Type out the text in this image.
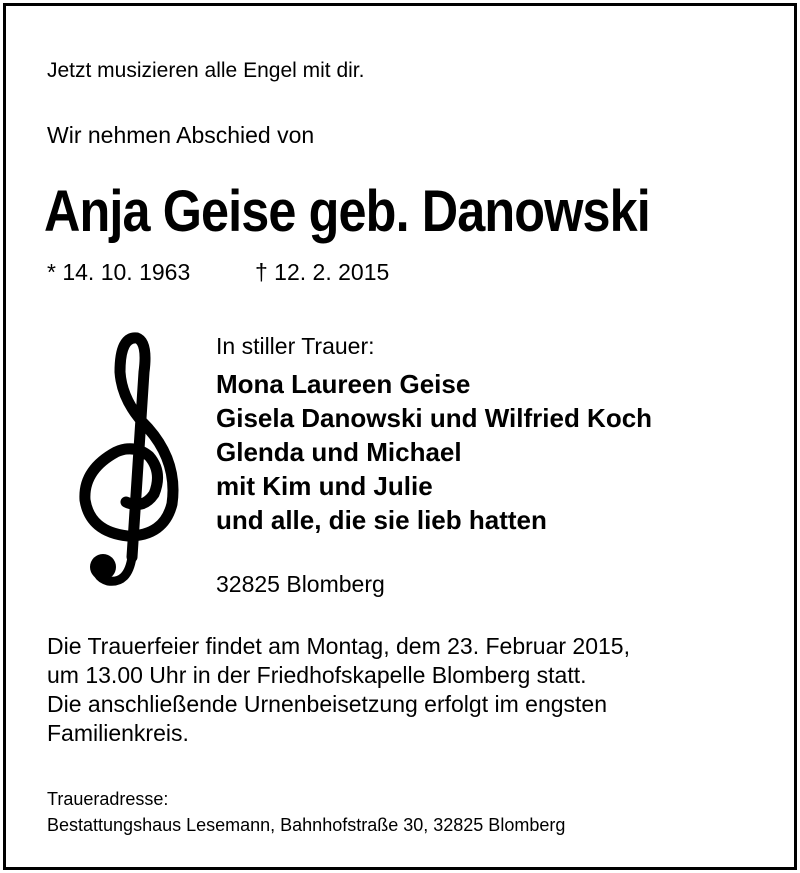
Jetzt musizieren alle Engel mit dir.
Wir nehmen Abschied von
Anja Geise geb. Danowski
* 14. 10. 1963	† 12. 2. 2015
In stiller Trauer:
Mona Laureen Geise
Gisela Danowski und Wilfried Koch
Glenda und Michael
mit Kim und Julie
und alle, die sie lieb hatten
32825 Blomberg
Die Trauerfeier findet am Montag, dem 23. Februar 2015,
um 13.00 Uhr in der Friedhofskapelle Blomberg statt.
Die anschließende Urnenbeisetzung erfolgt im engsten
Familienkreis.
Traueradresse:
Bestattungshaus Lesemann, Bahnhofstraße 30, 32825 Blomberg
